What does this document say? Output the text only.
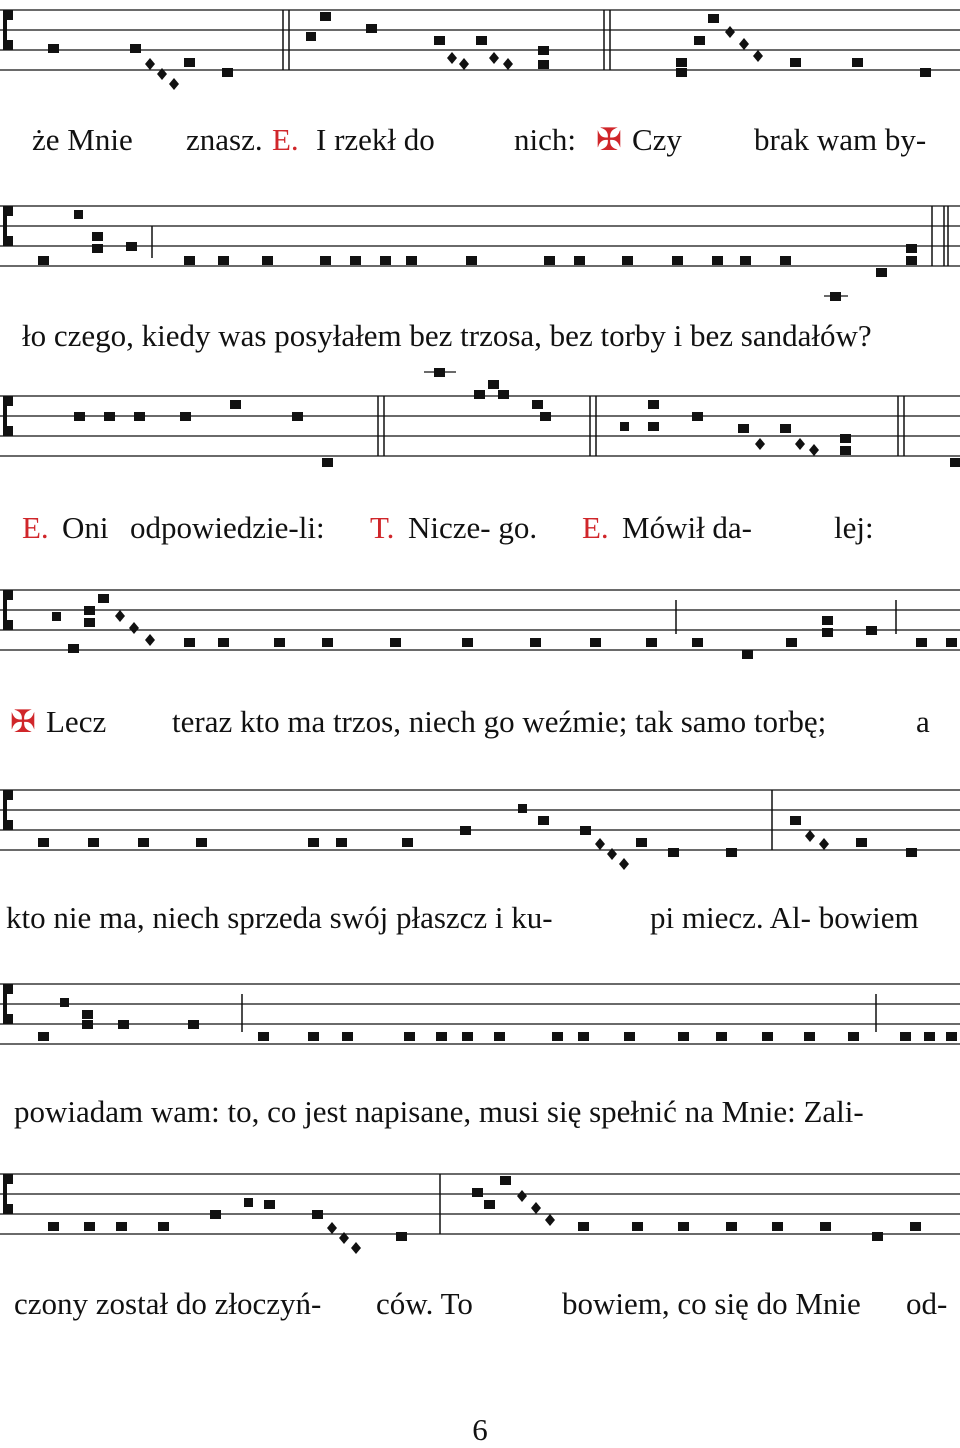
że Mnie znasz. E. I rzekł do	nich: ✠ Czy brak wam by-
ło czego, kiedy was posyłałem bez trzosa, bez torby i bez sandałów?
E. Oni odpowiedzie-li: T. Nicze- go. E. Mówił da-	lej:
✠ Lecz teraz kto ma trzos, niech go weźmie; tak samo torbę;	a
kto nie ma, niech sprzeda swój płaszcz i ku-	pi miecz. Al- bowiem
powiadam wam: to, co jest napisane, musi się spełnić na Mnie: Zali-
czony został do złoczyń- ców. To	bowiem, co się do Mnie od-
6
